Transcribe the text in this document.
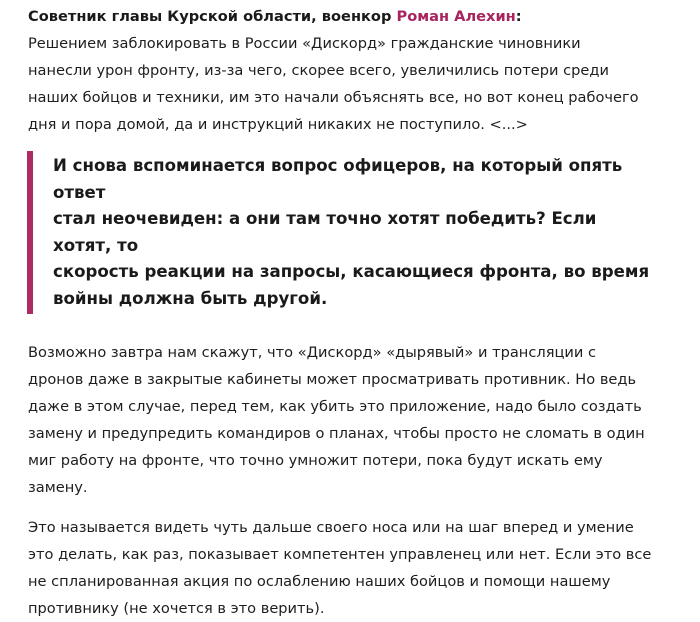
Советник главы Курской области, военкор Роман Алехин:
Решением заблокировать в России «Дискорд» гражданские чиновники
нанесли урон фронту, из-за чего, скорее всего, увеличились потери среди
наших бойцов и техники, им это начали объяснять все, но вот конец рабочего
дня и пора домой, да и инструкций никаких не поступило. <...>

И снова вспоминается вопрос офицеров, на который опять ответ
стал неочевиден: а они там точно хотят победить? Если хотят, то
скорость реакции на запросы, касающиеся фронта, во время
войны должна быть другой.

Возможно завтра нам скажут, что «Дискорд» «дырявый» и трансляции с
дронов даже в закрытые кабинеты может просматривать противник. Но ведь
даже в этом случае, перед тем, как убить это приложение, надо было создать
замену и предупредить командиров о планах, чтобы просто не сломать в один
миг работу на фронте, что точно умножит потери, пока будут искать ему
замену.

Это называется видеть чуть дальше своего носа или на шаг вперед и умение
это делать, как раз, показывает компетентен управленец или нет. Если это все
не спланированная акция по ослаблению наших бойцов и помощи нашему
противнику (не хочется в это верить).
